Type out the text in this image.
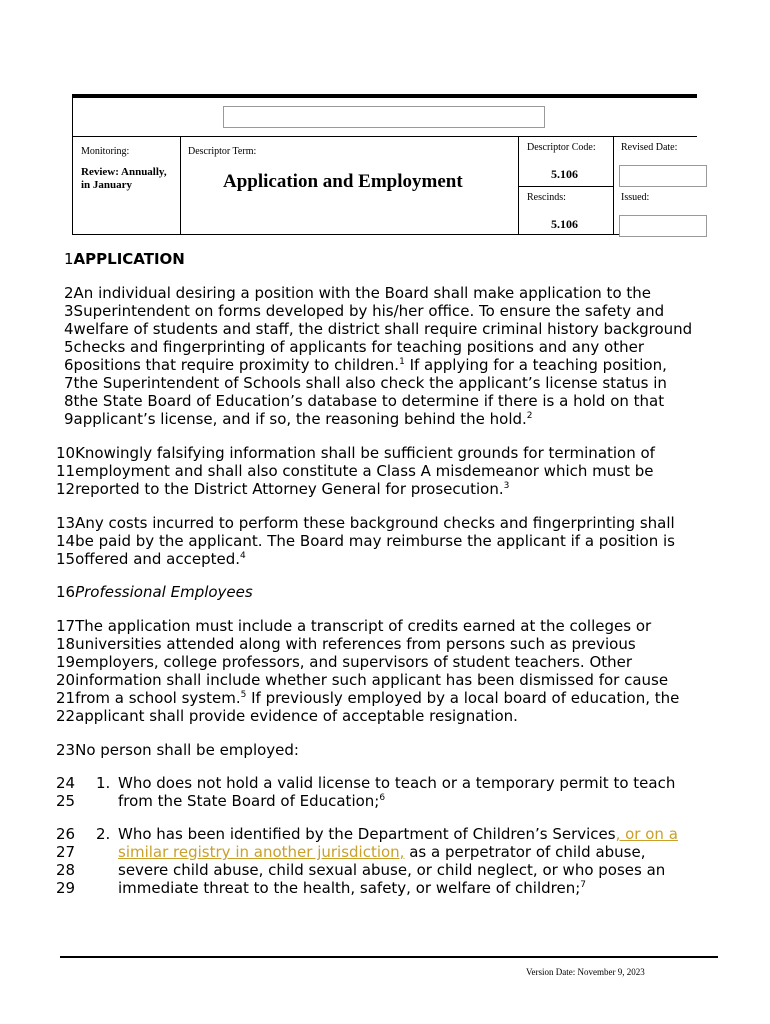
Monitoring:
Review: Annually,
in January
Descriptor Term:
Application and Employment
Descriptor Code:
5.106
Rescinds:
5.106
Revised Date:
Issued:
1APPLICATION
2An individual desiring a position with the Board shall make application to the
3Superintendent on forms developed by his/her office. To ensure the safety and
4welfare of students and staff, the district shall require criminal history background
5checks and fingerprinting of applicants for teaching positions and any other
6positions that require proximity to children.$^1$ If applying for a teaching position,
7the Superintendent of Schools shall also check the applicant’s license status in
8the State Board of Education’s database to determine if there is a hold on that
9applicant’s license, and if so, the reasoning behind the hold.$^2$
10Knowingly falsifying information shall be sufficient grounds for termination of
11employment and shall also constitute a Class A misdemeanor which must be
12reported to the District Attorney General for prosecution.$^3$
13Any costs incurred to perform these background checks and fingerprinting shall
14be paid by the applicant. The Board may reimburse the applicant if a position is
15offered and accepted.$^4$
16Professional Employees
17The application must include a transcript of credits earned at the colleges or
18universities attended along with references from persons such as previous
19employers, college professors, and supervisors of student teachers. Other
20information shall include whether such applicant has been dismissed for cause
21from a school system.$^5$ If previously employed by a local board of education, the
22applicant shall provide evidence of acceptable resignation.
23No person shall be employed:
24 1. Who does not hold a valid license to teach or a temporary permit to teach
25	from the State Board of Education;$^6$
26 2. Who has been identified by the Department of Children’s Services, or on a
27	similar registry in another jurisdiction, as a perpetrator of child abuse,
28	severe child abuse, child sexual abuse, or child neglect, or who poses an
29	immediate threat to the health, safety, or welfare of children;$^7$
Version Date: November 9, 2023
